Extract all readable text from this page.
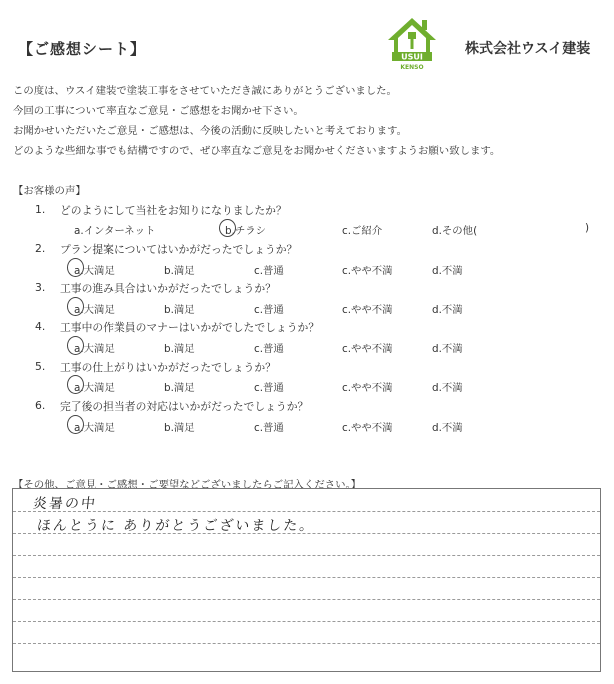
【ご感想シート】	USUI
KENSO
株式会社ウスイ建装
この度は、ウスイ建装で塗装工事をさせていただき誠にありがとうございました。
今回の工事について率直なご意見・ご感想をお聞かせ下さい。
お聞かせいただいたご意見・ご感想は、今後の活動に反映したいと考えております。
どのような些細な事でも結構ですので、ぜひ率直なご意見をお聞かせくださいますようお願い致します。
【お客様の声】
1. どのようにして当社をお知りになりましたか？
a.インターネット	b.チラシ	c.ご紹介	d.その他(	)
2. プラン提案についてはいかがだったでしょうか？
a.大満足	b.満足	c.普通	c.やや不満	d.不満
3. 工事の進み具合はいかがだったでしょうか？
a.大満足	b.満足	c.普通	c.やや不満	d.不満
4. 工事中の作業員のマナーはいかがでしたでしょうか？
a.大満足	b.満足	c.普通	c.やや不満	d.不満
5. 工事の仕上がりはいかがだったでしょうか？
a.大満足	b.満足	c.普通	c.やや不満	d.不満
6. 完了後の担当者の対応はいかがだったでしょうか？
a.大満足	b.満足	c.普通	c.やや不満	d.不満
【その他、ご意見・ご感想・ご要望などございましたらご記入ください。】
炎暑の中
ほんとうに ありがとうございました。
